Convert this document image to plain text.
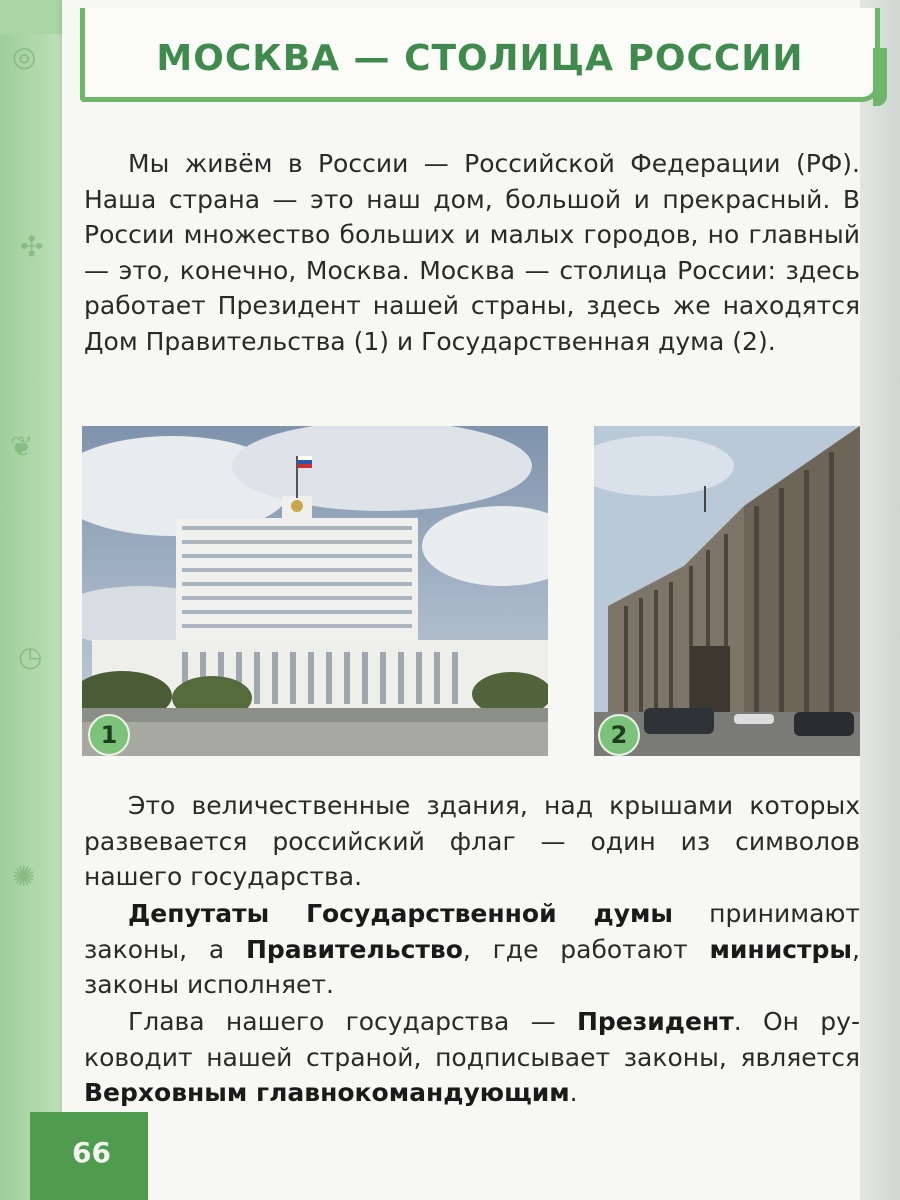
◎
✣
❦
◷
✺
МОСКВА — СТОЛИЦА РОССИИ

Мы живём в России — Российской Федерации (РФ). Наша страна — это наш дом, большой и прекрасный. В России множество больших и малых городов, но главный — это, конечно, Москва. Москва — столица России: здесь работает Президент нашей страны, здесь же находятся Дом Правительства (1) и Государственная дума (2).

1	2

Это величественные здания, над крышами которых развевается российский флаг — один из символов нашего государства.

Депутаты Государственной думы принимают законы, а Правительство, где работают министры, законы исполняет.

Глава нашего государства — Президент. Он руководит нашей страной, подписывает законы, является Верховным главнокомандующим.

66
